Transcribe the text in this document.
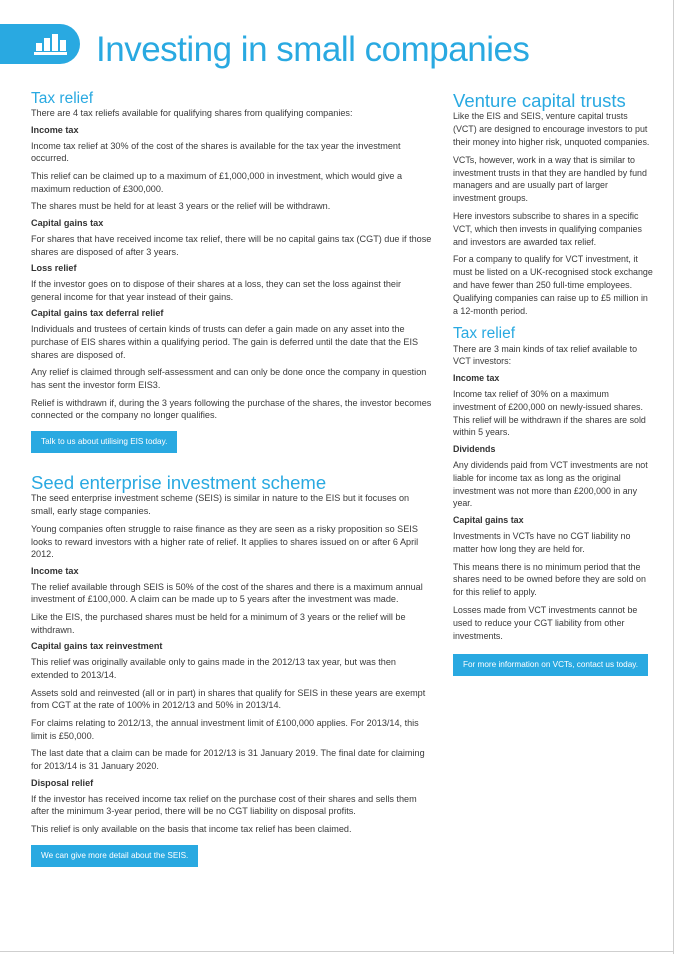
Investing in small companies
Tax relief

There are 4 tax reliefs available for qualifying shares from qualifying companies:

Income tax

Income tax relief at 30% of the cost of the shares is available for the tax year the investment occurred.

This relief can be claimed up to a maximum of £1,000,000 in investment, which would give a maximum reduction of £300,000.

The shares must be held for at least 3 years or the relief will be withdrawn.

Capital gains tax

For shares that have received income tax relief, there will be no capital gains tax (CGT) due if those shares are disposed of after 3 years.

Loss relief

If the investor goes on to dispose of their shares at a loss, they can set the loss against their general income for that year instead of their gains.

Capital gains tax deferral relief

Individuals and trustees of certain kinds of trusts can defer a gain made on any asset into the purchase of EIS shares within a qualifying period. The gain is deferred until the date that the EIS shares are disposed of.

Any relief is claimed through self-assessment and can only be done once the company in question has sent the investor form EIS3.

Relief is withdrawn if, during the 3 years following the purchase of the shares, the investor becomes connected or the company no longer qualifies.

Talk to us about utilising EIS today.
Seed enterprise investment scheme

The seed enterprise investment scheme (SEIS) is similar in nature to the EIS but it focuses on small, early stage companies.

Young companies often struggle to raise finance as they are seen as a risky proposition so SEIS looks to reward investors with a higher rate of relief. It applies to shares issued on or after 6 April 2012.

Income tax

The relief available through SEIS is 50% of the cost of the shares and there is a maximum annual investment of £100,000. A claim can be made up to 5 years after the investment was made.

Like the EIS, the purchased shares must be held for a minimum of 3 years or the relief will be withdrawn.

Capital gains tax reinvestment

This relief was originally available only to gains made in the 2012/13 tax year, but was then extended to 2013/14.

Assets sold and reinvested (all or in part) in shares that qualify for SEIS in these years are exempt from CGT at the rate of 100% in 2012/13 and 50% in 2013/14.

For claims relating to 2012/13, the annual investment limit of £100,000 applies. For 2013/14, this limit is £50,000.

The last date that a claim can be made for 2012/13 is 31 January 2019. The final date for claiming for 2013/14 is 31 January 2020.

Disposal relief

If the investor has received income tax relief on the purchase cost of their shares and sells them after the minimum 3-year period, there will be no CGT liability on disposal profits.

This relief is only available on the basis that income tax relief has been claimed.

We can give more detail about the SEIS.
Venture capital trusts

Like the EIS and SEIS, venture capital trusts (VCT) are designed to encourage investors to put their money into higher risk, unquoted companies.

VCTs, however, work in a way that is similar to investment trusts in that they are handled by fund managers and are usually part of larger investment groups.

Here investors subscribe to shares in a specific VCT, which then invests in qualifying companies and investors are awarded tax relief.

For a company to qualify for VCT investment, it must be listed on a UK-recognised stock exchange and have fewer than 250 full-time employees. Qualifying companies can raise up to £5 million in a 12-month period.

Tax relief

There are 3 main kinds of tax relief available to VCT investors:

Income tax

Income tax relief of 30% on a maximum investment of £200,000 on newly-issued shares. This relief will be withdrawn if the shares are sold within 5 years.

Dividends

Any dividends paid from VCT investments are not liable for income tax as long as the original investment was not more than £200,000 in any year.

Capital gains tax

Investments in VCTs have no CGT liability no matter how long they are held for.

This means there is no minimum period that the shares need to be owned before they are sold on for this relief to apply.

Losses made from VCT investments cannot be used to reduce your CGT liability from other investments.

For more information on VCTs, contact us today.
